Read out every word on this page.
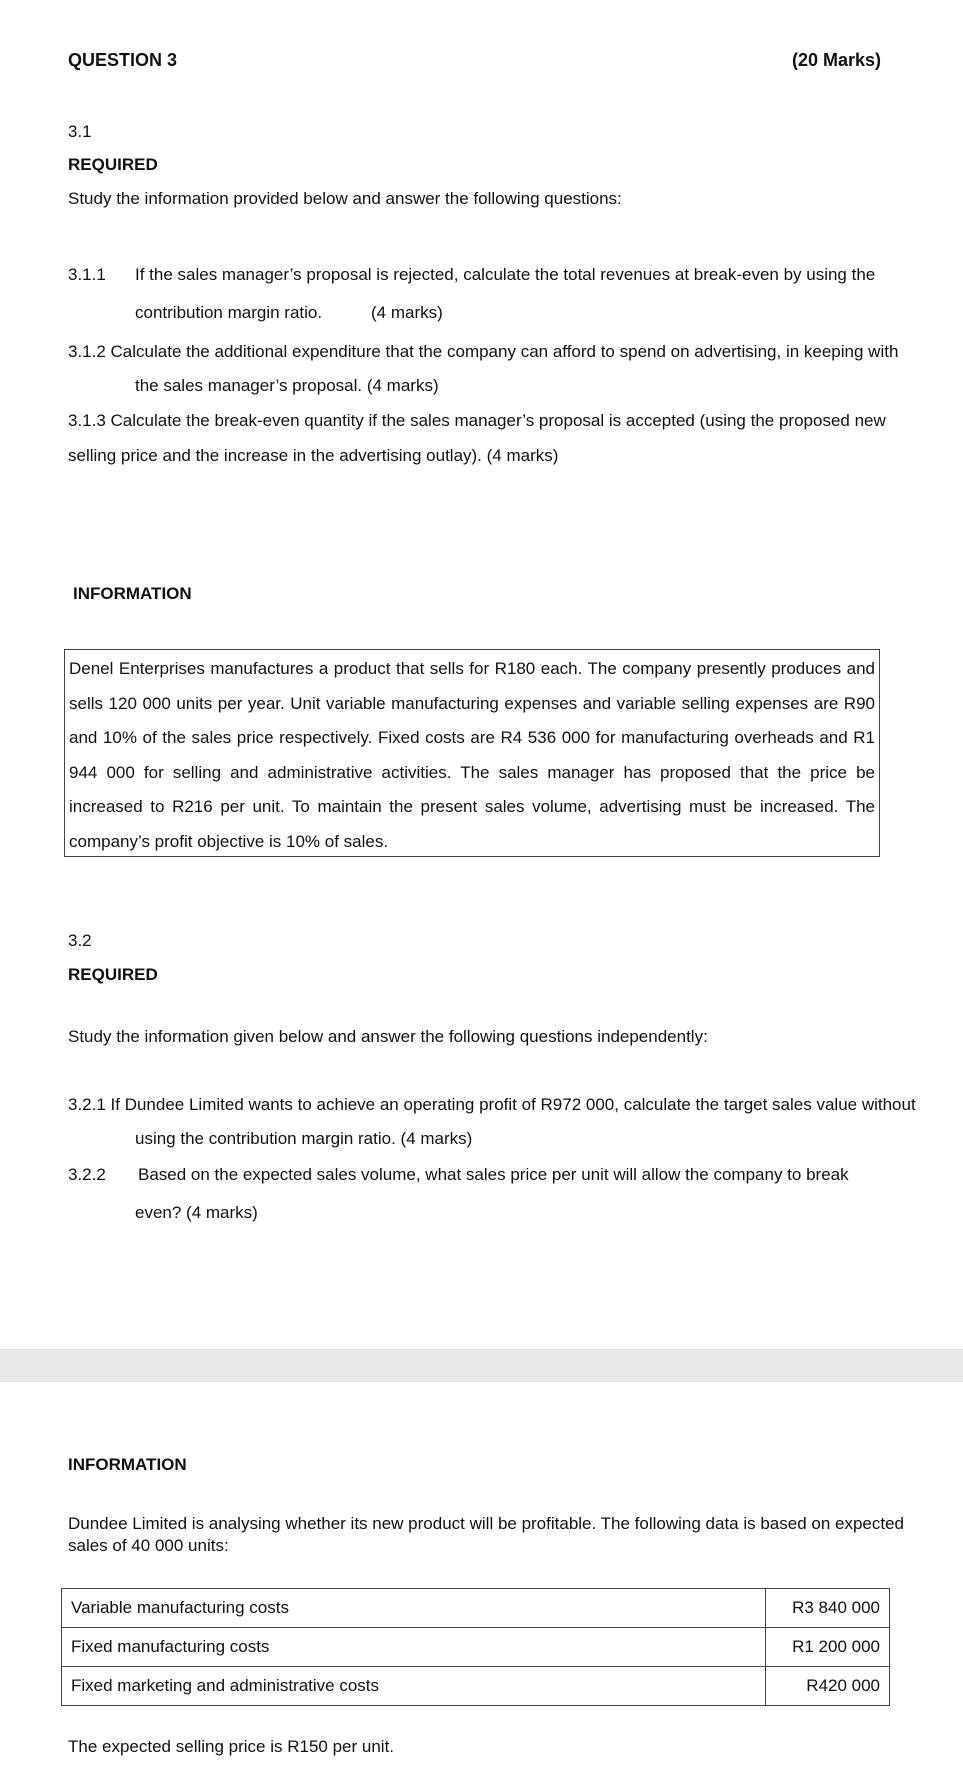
QUESTION 3	(20 Marks)
3.1
REQUIRED
Study the information provided below and answer the following questions:
3.1.1 If the sales manager’s proposal is rejected, calculate the total revenues at break-even by using the
contribution margin ratio.	(4 marks)
3.1.2 Calculate the additional expenditure that the company can afford to spend on advertising, in keeping with
the sales manager’s proposal. (4 marks)
3.1.3 Calculate the break-even quantity if the sales manager’s proposal is accepted (using the proposed new
selling price and the increase in the advertising outlay). (4 marks)
INFORMATION
Denel Enterprises manufactures a product that sells for R180 each. The company presently produces and sells 120 000 units per year. Unit variable manufacturing expenses and variable selling expenses are R90 and 10% of the sales price respectively. Fixed costs are R4 536 000 for manufacturing overheads and R1 944 000 for selling and administrative activities. The sales manager has proposed that the price be increased to R216 per unit. To maintain the present sales volume, advertising must be increased. The company’s profit objective is 10% of sales.
3.2
REQUIRED
Study the information given below and answer the following questions independently:
3.2.1 If Dundee Limited wants to achieve an operating profit of R972 000, calculate the target sales value without
using the contribution margin ratio. (4 marks)
3.2.2 Based on the expected sales volume, what sales price per unit will allow the company to break
even? (4 marks)
INFORMATION
Dundee Limited is analysing whether its new product will be profitable. The following data is based on expected
sales of 40 000 units:
Variable manufacturing costs	R3 840 000
Fixed manufacturing costs	R1 200 000
Fixed marketing and administrative costs	R420 000
The expected selling price is R150 per unit.
